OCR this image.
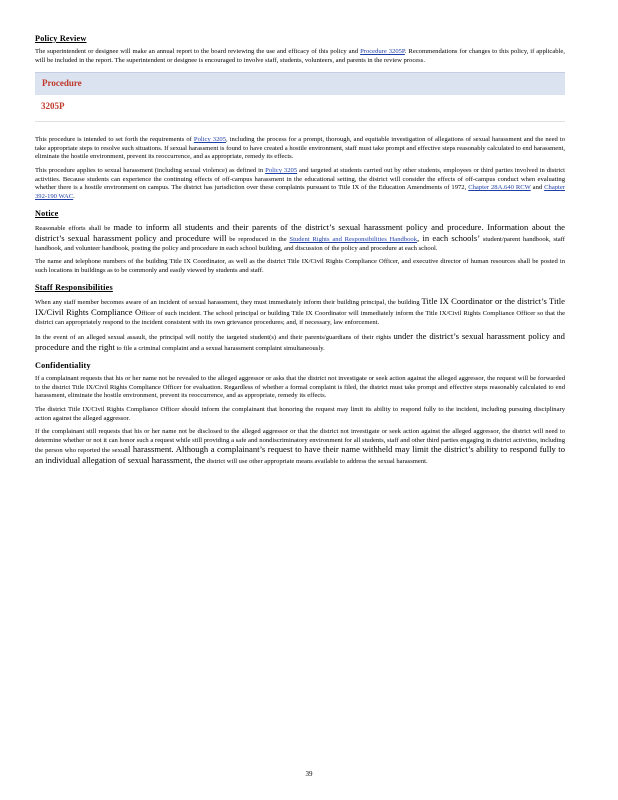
Policy Review

The superintendent or designee will make an annual report to the board reviewing the use and efficacy of this policy and Procedure 3205P. Recommendations for changes to this policy, if applicable, will be included in the report. The superintendent or designee is encouraged to involve staff, students, volunteers, and parents in the review process.

Procedure
3205P

This procedure is intended to set forth the requirements of Policy 3205, including the process for a prompt, thorough, and equitable investigation of allegations of sexual harassment and the need to take appropriate steps to resolve such situations. If sexual harassment is found to have created a hostile environment, staff must take prompt and effective steps reasonably calculated to end harassment, eliminate the hostile environment, prevent its reoccurrence, and as appropriate, remedy its effects.

This procedure applies to sexual harassment (including sexual violence) as defined in Policy 3205 and targeted at students carried out by other students, employees or third parties involved in district activities. Because students can experience the continuing effects of off-campus harassment in the educational setting, the district will consider the effects of off-campus conduct when evaluating whether there is a hostile environment on campus. The district has jurisdiction over these complaints pursuant to Title IX of the Education Amendments of 1972, Chapter 28A.640 RCW and Chapter 392-190 WAC.

Notice

Reasonable efforts shall be made to inform all students and their parents of the district’s sexual harassment policy and procedure. Information about the district’s sexual harassment policy and procedure will be reproduced in the Student Rights and Responsibilities Handbook, in each schools’ student/parent handbook, staff handbook, and volunteer handbook, posting the policy and procedure in each school building, and discussion of the policy and procedure at each school.

The name and telephone numbers of the building Title IX Coordinator, as well as the district Title IX/Civil Rights Compliance Officer, and executive director of human resources shall be posted in such locations in buildings as to be commonly and easily viewed by students and staff.

Staff Responsibilities

When any staff member becomes aware of an incident of sexual harassment, they must immediately inform their building principal, the building Title IX Coordinator or the district’s Title IX/Civil Rights Compliance Officer of such incident. The school principal or building Title IX Coordinator will immediately inform the Title IX/Civil Rights Compliance Officer so that the district can appropriately respond to the incident consistent with its own grievance procedures; and, if necessary, law enforcement.

In the event of an alleged sexual assault, the principal will notify the targeted student(s) and their parents/guardians of their rights under the district’s sexual harassment policy and procedure and the right to file a criminal complaint and a sexual harassment complaint simultaneously.

Confidentiality

If a complainant requests that his or her name not be revealed to the alleged aggressor or asks that the district not investigate or seek action against the alleged aggressor, the request will be forwarded to the district Title IX/Civil Rights Compliance Officer for evaluation. Regardless of whether a formal complaint is filed, the district must take prompt and effective steps reasonably calculated to end harassment, eliminate the hostile environment, prevent its reoccurrence, and as appropriate, remedy its effects.

The district Title IX/Civil Rights Compliance Officer should inform the complainant that honoring the request may limit its ability to respond fully to the incident, including pursuing disciplinary action against the alleged aggressor.

If the complainant still requests that his or her name not be disclosed to the alleged aggressor or that the district not investigate or seek action against the alleged aggressor, the district will need to determine whether or not it can honor such a request while still providing a safe and nondiscriminatory environment for all students, staff and other third parties engaging in district activities, including the person who reported the sexual harassment. Although a complainant’s request to have their name withheld may limit the district’s ability to respond fully to an individual allegation of sexual harassment, the district will use other appropriate means available to address the sexual harassment.

39
